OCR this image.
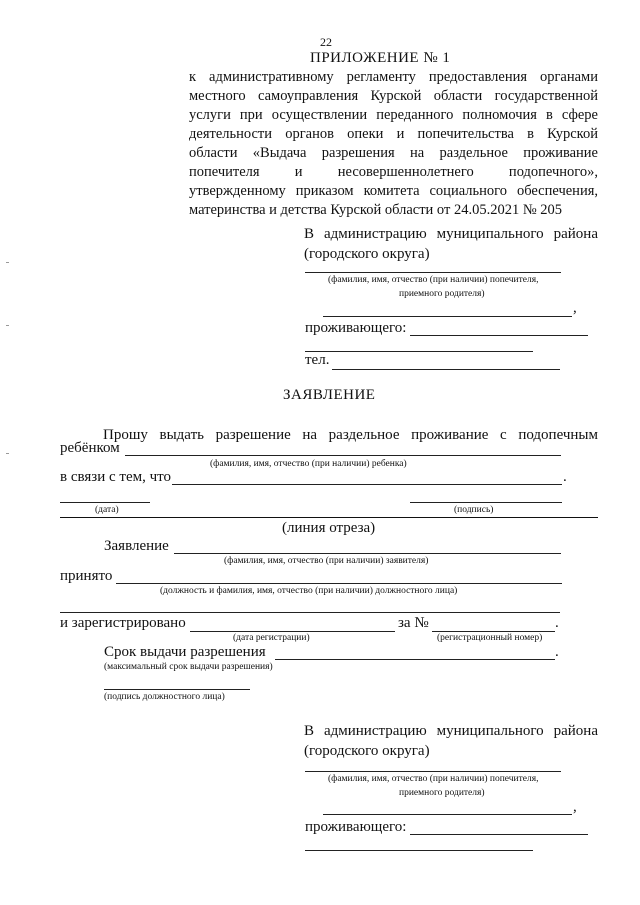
22
ПРИЛОЖЕНИЕ № 1
к административному регламенту предоставления органами
местного самоуправления Курской области государственной
услуги при осуществлении переданного полномочия в сфере
деятельности органов опеки и попечительства в Курской
области «Выдача разрешения на раздельное проживание
попечителя и несовершеннолетнего подопечного»,
утвержденному приказом комитета социального обеспечения,
материнства и детства Курской области от 24.05.2021 № 205
В администрацию муниципального района
(городского округа)
(фамилия, имя, отчество (при наличии) попечителя,
приемного родителя)
,
проживающего:
тел.
ЗАЯВЛЕНИЕ
Прошу выдать разрешение на раздельное проживание с подопечным
ребёнком
(фамилия, имя, отчество (при наличии) ребенка)
в связи с тем, что	.
(дата)	(подпись)
(линия отреза)
Заявление
(фамилия, имя, отчество (при наличии) заявителя)
принято
(должность и фамилия, имя, отчество (при наличии) должностного лица)
и зарегистрировано
(дата регистрации)
за №	.
(регистрационный номер)
Срок выдачи разрешения	.
(максимальный срок выдачи разрешения)
(подпись должностного лица)
В администрацию муниципального района
(городского округа)
(фамилия, имя, отчество (при наличии) попечителя,
приемного родителя)
,
проживающего:
